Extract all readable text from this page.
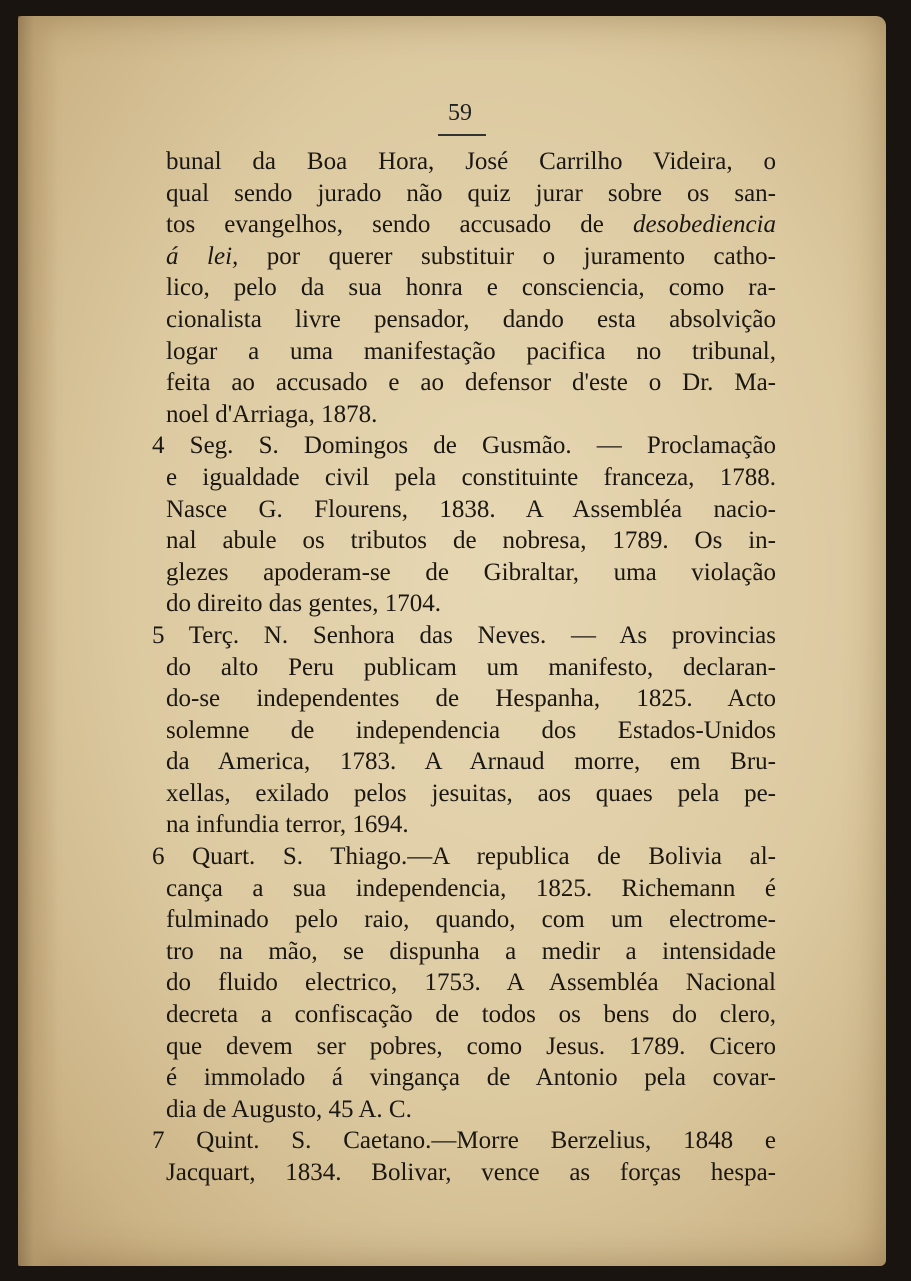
59
bunal da Boa Hora, José Carrilho Videira, o
qual sendo jurado não quiz jurar sobre os san-
tos evangelhos, sendo accusado de desobediencia
á lei, por querer substituir o juramento catho-
lico, pelo da sua honra e consciencia, como ra-
cionalista livre pensador, dando esta absolvição
logar a uma manifestação pacifica no tribunal,
feita ao accusado e ao defensor d'este o Dr. Ma-
noel d'Arriaga, 1878.
4 Seg. S. Domingos de Gusmão. — Proclamação
e igualdade civil pela constituinte franceza, 1788.
Nasce G. Flourens, 1838. A Assembléa nacio-
nal abule os tributos de nobresa, 1789. Os in-
glezes apoderam-se de Gibraltar, uma violação
do direito das gentes, 1704.
5 Terç. N. Senhora das Neves. — As provincias
do alto Peru publicam um manifesto, declaran-
do-se independentes de Hespanha, 1825. Acto
solemne de independencia dos Estados-Unidos
da America, 1783. A Arnaud morre, em Bru-
xellas, exilado pelos jesuitas, aos quaes pela pe-
na infundia terror, 1694.
6 Quart. S. Thiago.—A republica de Bolivia al-
cança a sua independencia, 1825. Richemann é
fulminado pelo raio, quando, com um electrome-
tro na mão, se dispunha a medir a intensidade
do fluido electrico, 1753. A Assembléa Nacional
decreta a confiscação de todos os bens do clero,
que devem ser pobres, como Jesus. 1789. Cicero
é immolado á vingança de Antonio pela covar-
dia de Augusto, 45 A. C.
7 Quint. S. Caetano.—Morre Berzelius, 1848 e
Jacquart, 1834. Bolivar, vence as forças hespa-
